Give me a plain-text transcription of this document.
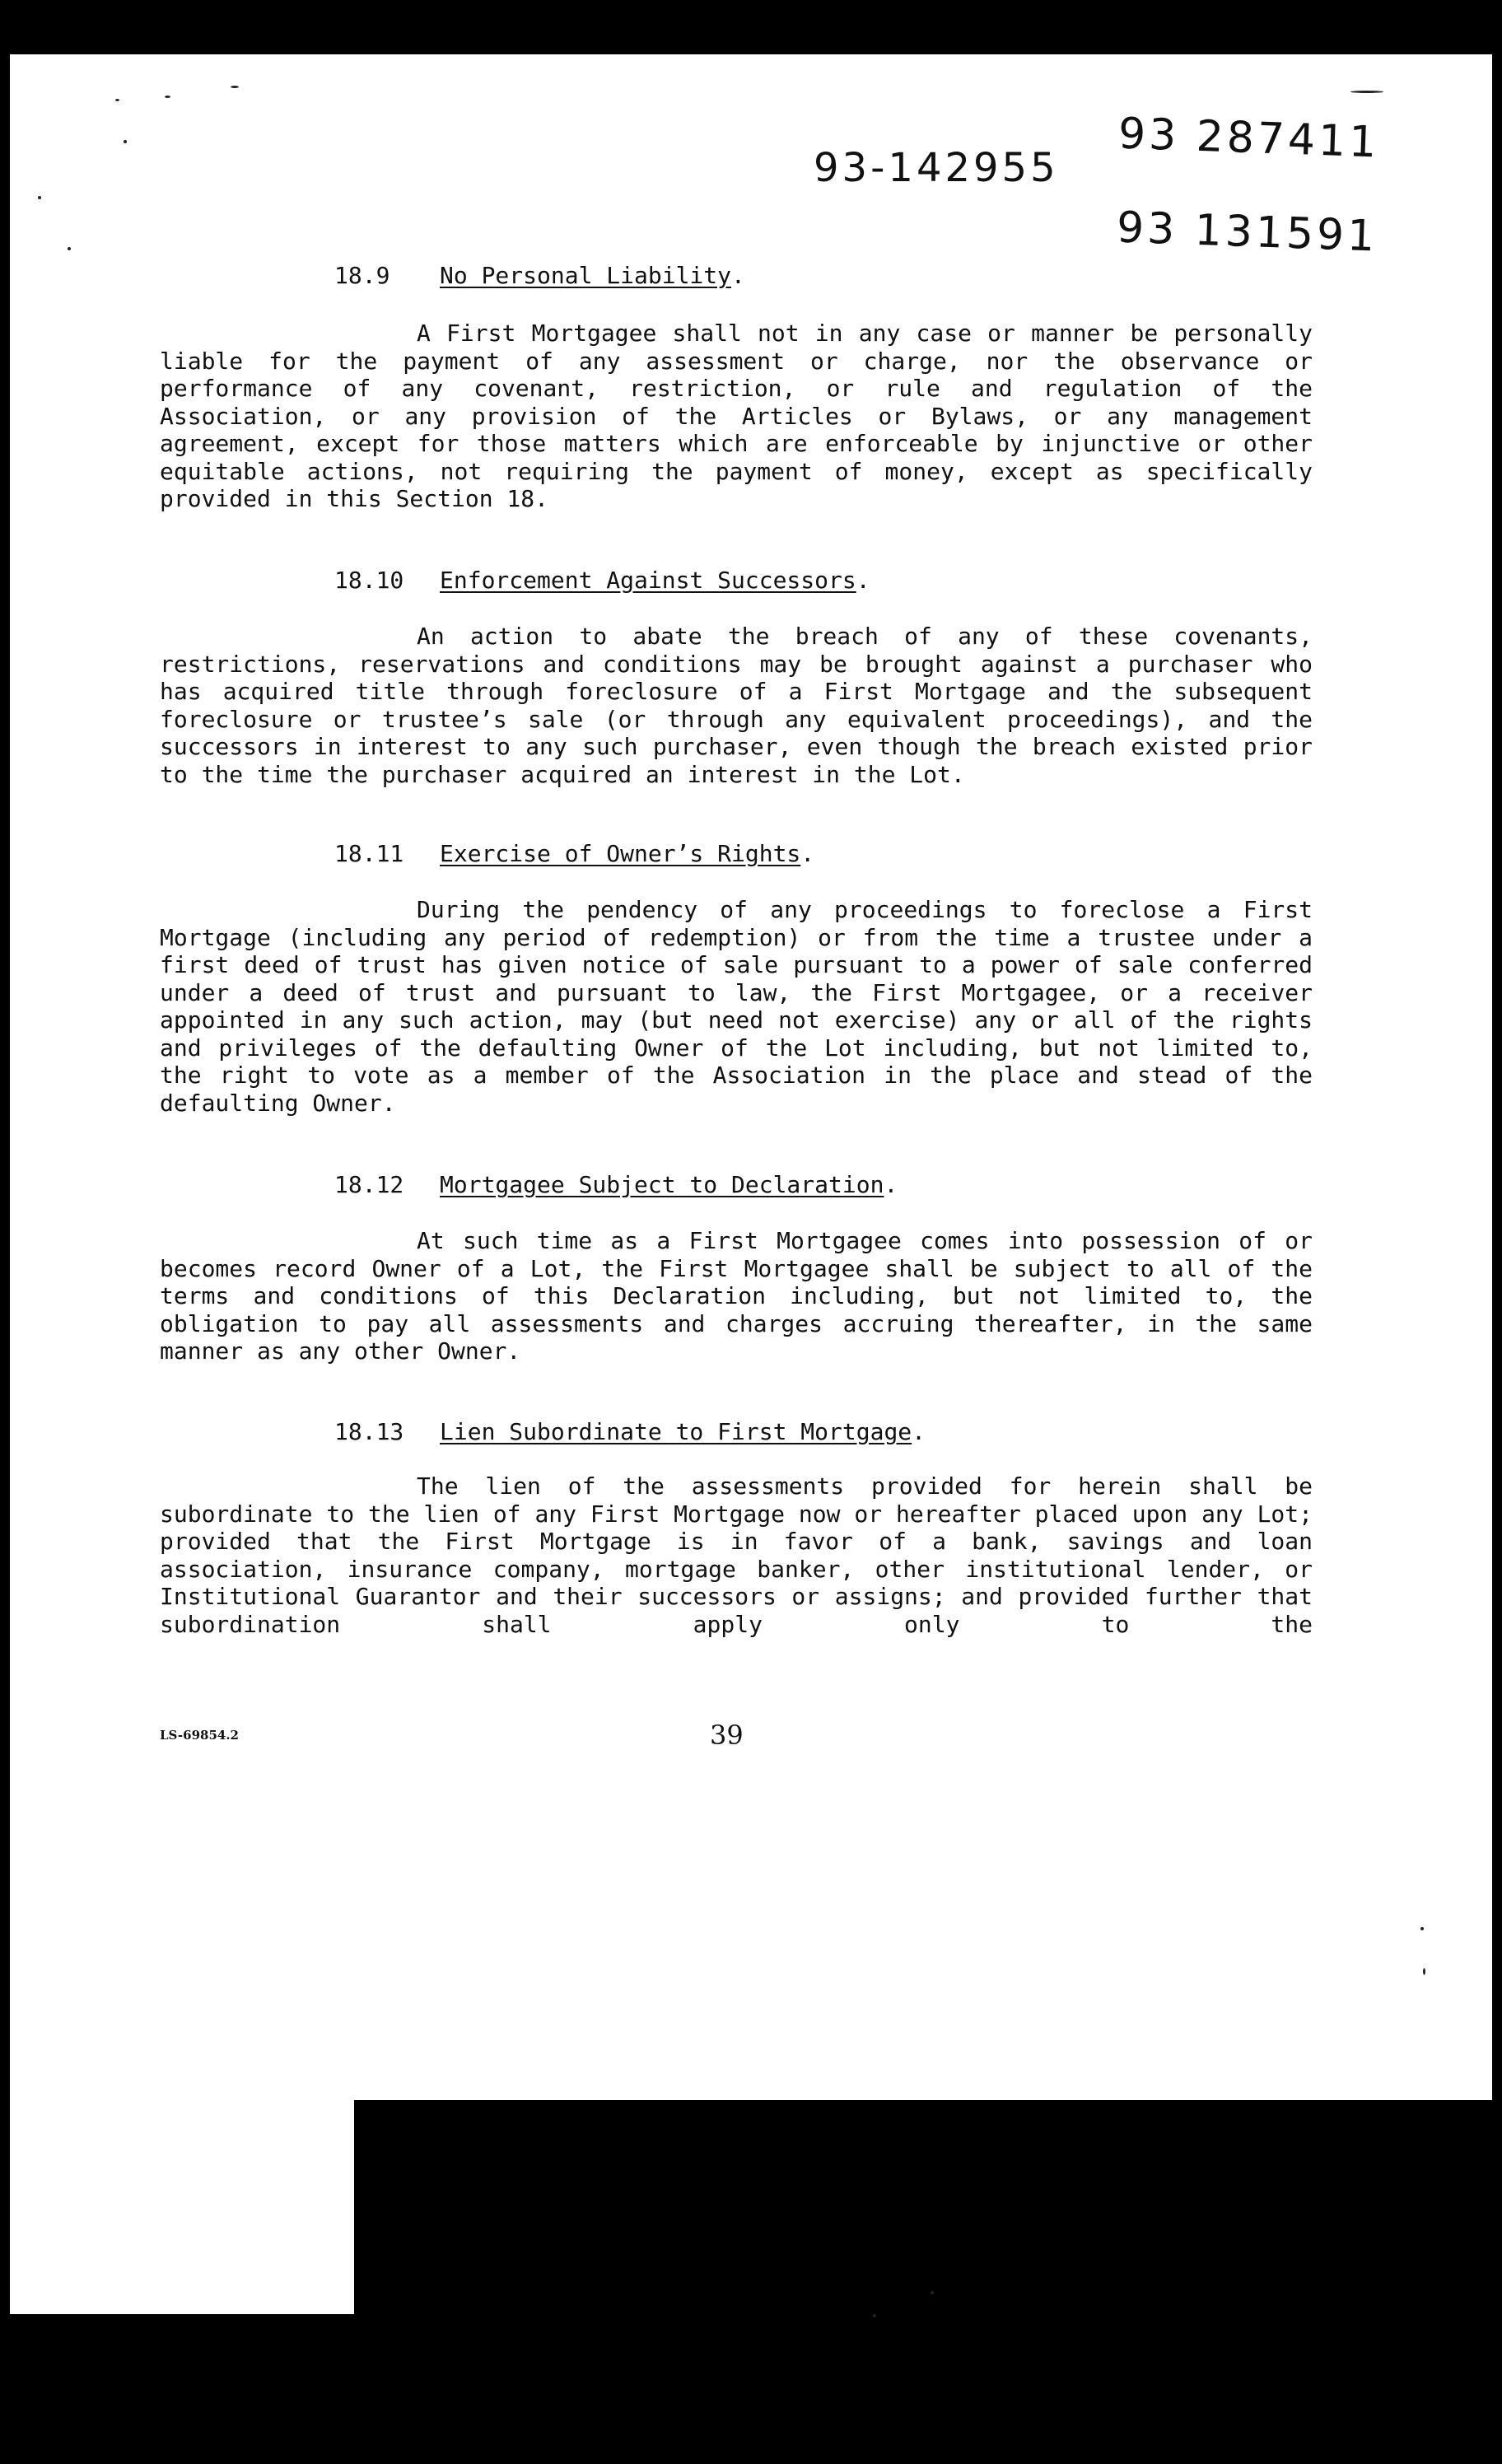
93-142955
93 287411
93 131591

18.9 No Personal Liability.

A First Mortgagee shall not in any case or manner be personally liable for the payment of any assessment or charge, nor the observance or performance of any covenant, restriction, or rule and regulation of the Association, or any provision of the Articles or Bylaws, or any management agreement, except for those matters which are enforceable by injunctive or other equitable actions, not requiring the payment of money, except as specifically provided in this Section 18.

18.10 Enforcement Against Successors.

An action to abate the breach of any of these covenants, restrictions, reservations and conditions may be brought against a purchaser who has acquired title through foreclosure of a First Mortgage and the subsequent foreclosure or trustee’s sale (or through any equivalent proceedings), and the successors in interest to any such purchaser, even though the breach existed prior to the time the purchaser acquired an interest in the Lot.

18.11 Exercise of Owner’s Rights.

During the pendency of any proceedings to foreclose a First Mortgage (including any period of redemption) or from the time a trustee under a first deed of trust has given notice of sale pursuant to a power of sale conferred under a deed of trust and pursuant to law, the First Mortgagee, or a receiver appointed in any such action, may (but need not exercise) any or all of the rights and privileges of the defaulting Owner of the Lot including, but not limited to, the right to vote as a member of the Association in the place and stead of the defaulting Owner.

18.12 Mortgagee Subject to Declaration.

At such time as a First Mortgagee comes into possession of or becomes record Owner of a Lot, the First Mortgagee shall be subject to all of the terms and conditions of this Declaration including, but not limited to, the obligation to pay all assessments and charges accruing thereafter, in the same manner as any other Owner.

18.13 Lien Subordinate to First Mortgage.

The lien of the assessments provided for herein shall be subordinate to the lien of any First Mortgage now or hereafter placed upon any Lot; provided that the First Mortgage is in favor of a bank, savings and loan association, insurance company, mortgage banker, other institutional lender, or Institutional Guarantor and their successors or assigns; and provided further that subordination shall apply only to the

LS-69854.2	39
